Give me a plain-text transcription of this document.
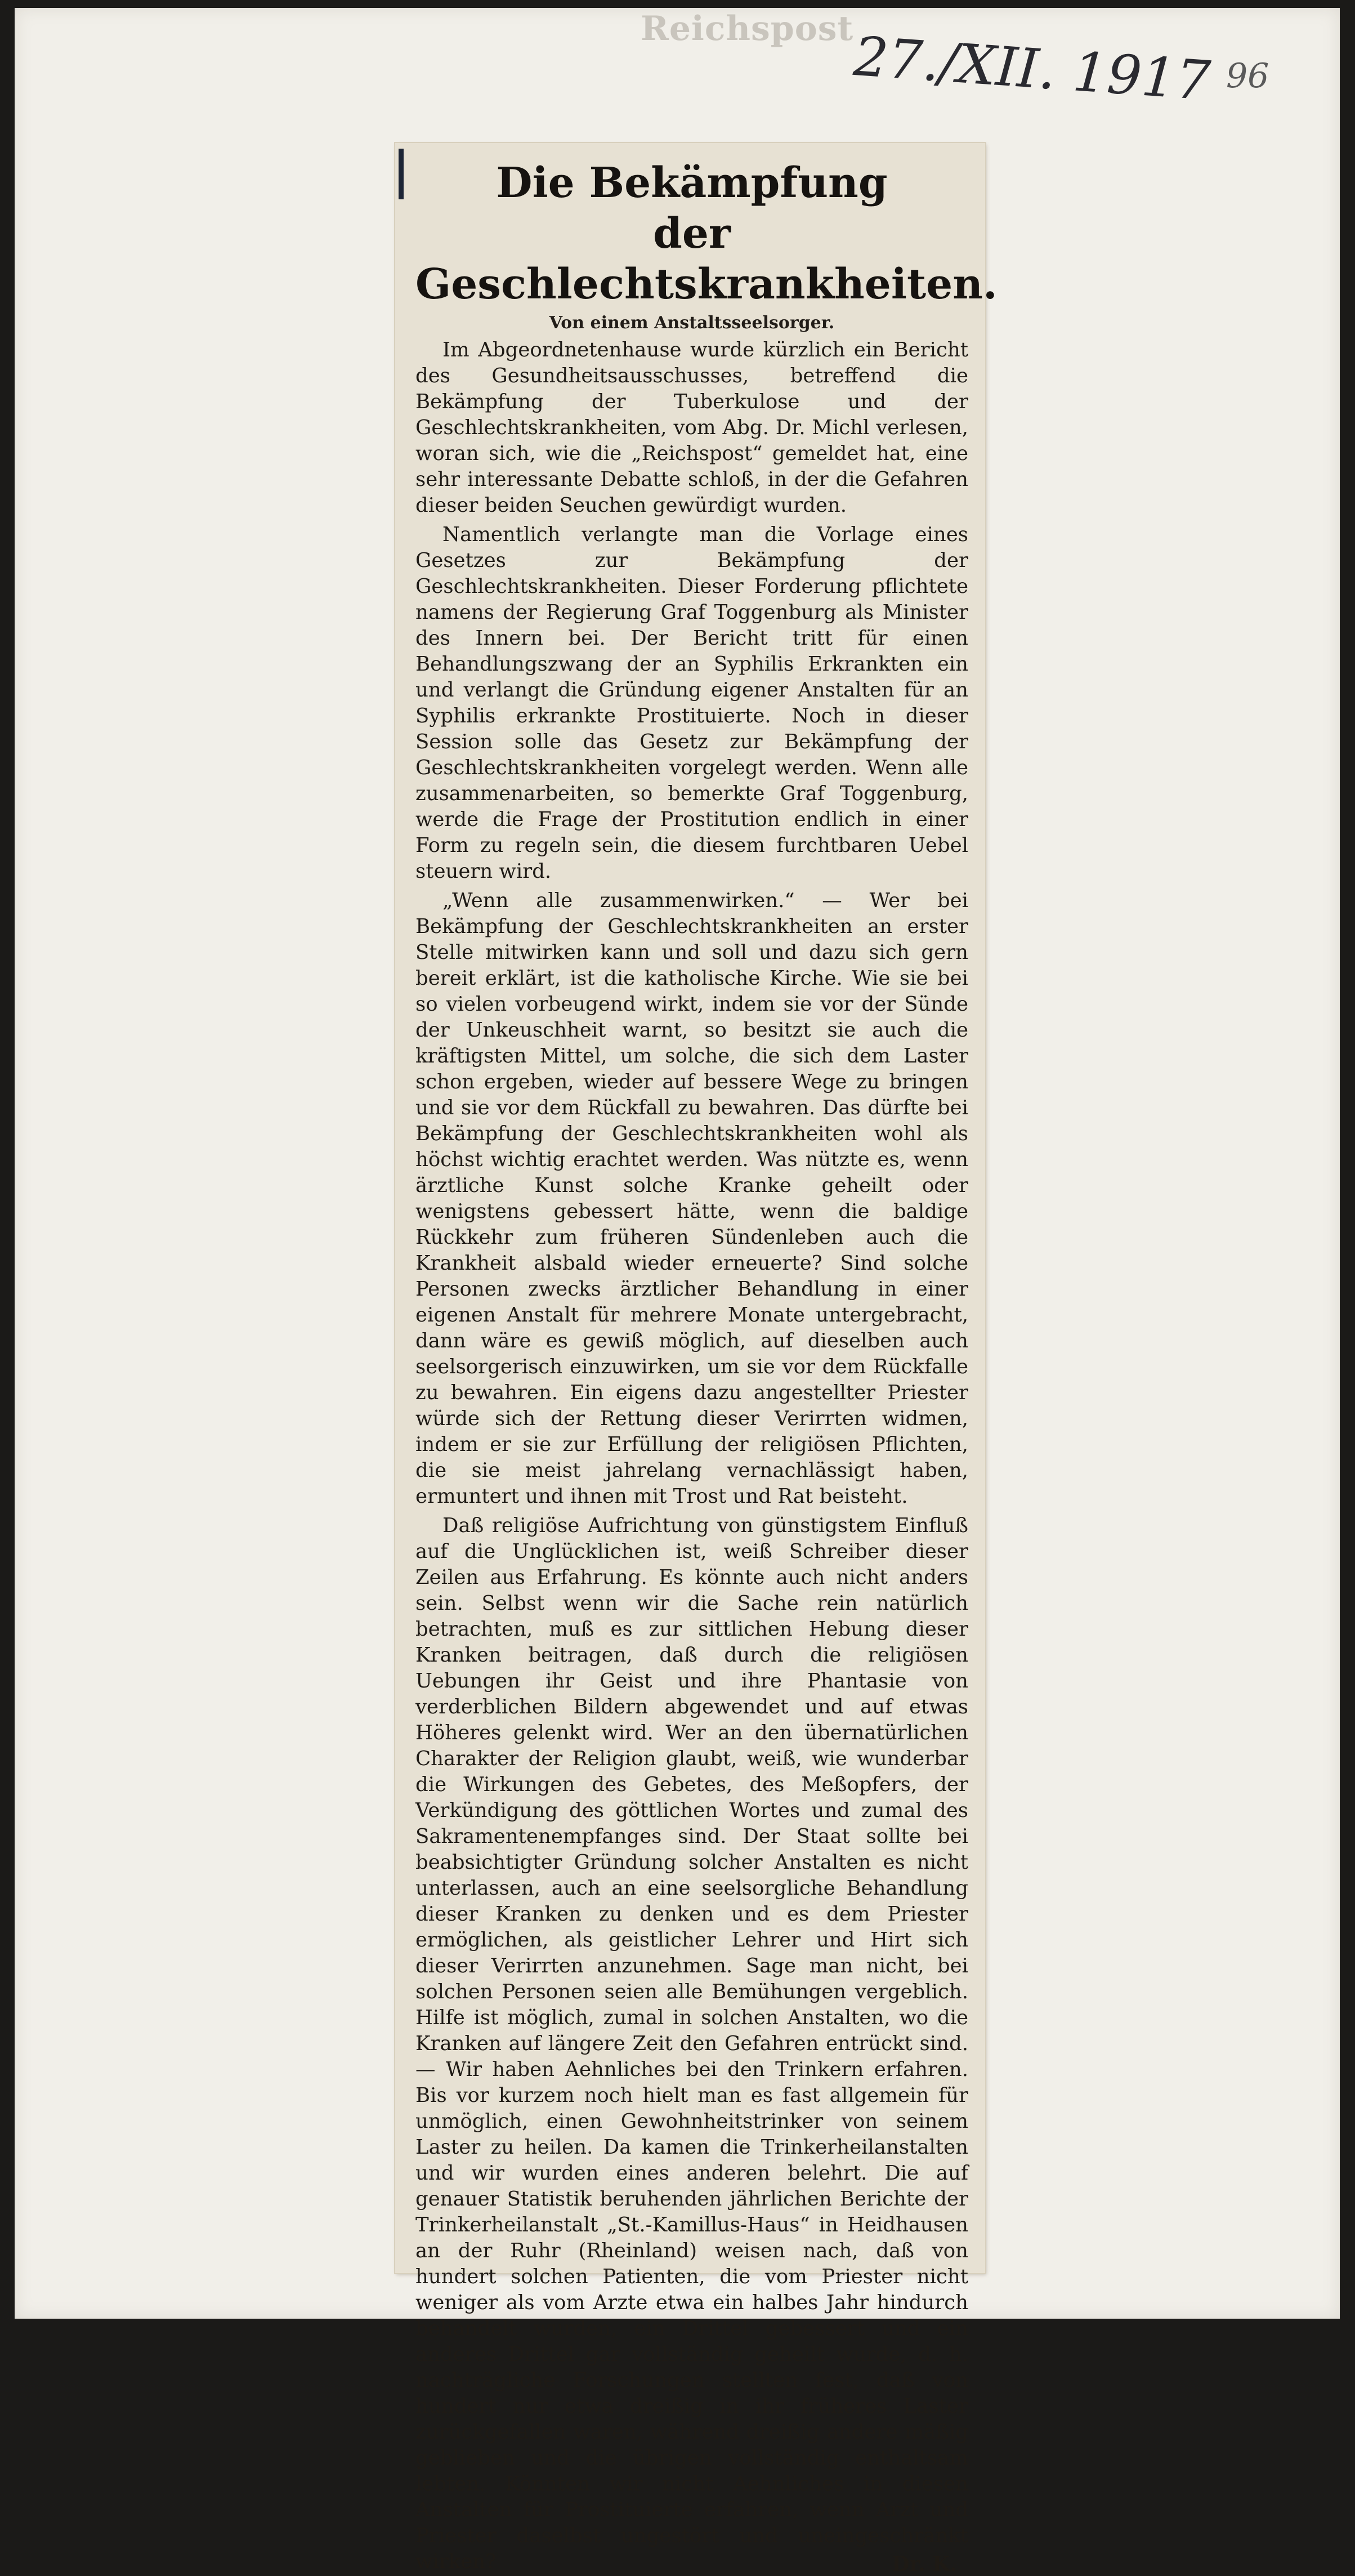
Reichspost
27./XII. 1917 96
Die Bekämpfung
der Geschlechtskrankheiten.
Von einem Anstaltsseelsorger.

Im Abgeordnetenhause wurde kürzlich ein Bericht des Gesundheitsausschusses, betreffend die Bekämpfung der Tuberkulose und der Geschlechtskrankheiten, vom Abg. Dr. Michl verlesen, woran sich, wie die „Reichspost“ gemeldet hat, eine sehr interessante Debatte schloß, in der die Gefahren dieser beiden Seuchen gewürdigt wurden.

Namentlich verlangte man die Vorlage eines Gesetzes zur Bekämpfung der Geschlechtskrankheiten. Dieser Forderung pflichtete namens der Regierung Graf Toggenburg als Minister des Innern bei. Der Bericht tritt für einen Behandlungszwang der an Syphilis Erkrankten ein und verlangt die Gründung eigener Anstalten für an Syphilis erkrankte Prostituierte. Noch in dieser Session solle das Gesetz zur Bekämpfung der Geschlechtskrankheiten vorgelegt werden. Wenn alle zusammenarbeiten, so bemerkte Graf Toggenburg, werde die Frage der Prostitution endlich in einer Form zu regeln sein, die diesem furchtbaren Uebel steuern wird.

„Wenn alle zusammenwirken.“ — Wer bei Bekämpfung der Geschlechtskrankheiten an erster Stelle mitwirken kann und soll und dazu sich gern bereit erklärt, ist die katholische Kirche. Wie sie bei so vielen vorbeugend wirkt, indem sie vor der Sünde der Unkeuschheit warnt, so besitzt sie auch die kräftigsten Mittel, um solche, die sich dem Laster schon ergeben, wieder auf bessere Wege zu bringen und sie vor dem Rückfall zu bewahren. Das dürfte bei Bekämpfung der Geschlechtskrankheiten wohl als höchst wichtig erachtet werden. Was nützte es, wenn ärztliche Kunst solche Kranke geheilt oder wenigstens gebessert hätte, wenn die baldige Rückkehr zum früheren Sündenleben auch die Krankheit alsbald wieder erneuerte? Sind solche Personen zwecks ärztlicher Behandlung in einer eigenen Anstalt für mehrere Monate untergebracht, dann wäre es gewiß möglich, auf dieselben auch seelsorgerisch einzuwirken, um sie vor dem Rückfalle zu bewahren. Ein eigens dazu angestellter Priester würde sich der Rettung dieser Verirrten widmen, indem er sie zur Erfüllung der religiösen Pflichten, die sie meist jahrelang vernachlässigt haben, ermuntert und ihnen mit Trost und Rat beisteht.

Daß religiöse Aufrichtung von günstigstem Einfluß auf die Unglücklichen ist, weiß Schreiber dieser Zeilen aus Erfahrung. Es könnte auch nicht anders sein. Selbst wenn wir die Sache rein natürlich betrachten, muß es zur sittlichen Hebung dieser Kranken beitragen, daß durch die religiösen Uebungen ihr Geist und ihre Phantasie von verderblichen Bildern abgewendet und auf etwas Höheres gelenkt wird. Wer an den übernatürlichen Charakter der Religion glaubt, weiß, wie wunderbar die Wirkungen des Gebetes, des Meßopfers, der Verkündigung des göttlichen Wortes und zumal des Sakramentenempfanges sind. Der Staat sollte bei beabsichtigter Gründung solcher Anstalten es nicht unterlassen, auch an eine seelsorgliche Behandlung dieser Kranken zu denken und es dem Priester ermöglichen, als geistlicher Lehrer und Hirt sich dieser Verirrten anzunehmen. Sage man nicht, bei solchen Personen seien alle Bemühungen vergeblich. Hilfe ist möglich, zumal in solchen Anstalten, wo die Kranken auf längere Zeit den Gefahren entrückt sind. — Wir haben Aehnliches bei den Trinkern erfahren. Bis vor kurzem noch hielt man es fast allgemein für unmöglich, einen Gewohnheitstrinker von seinem Laster zu heilen. Da kamen die Trinkerheilanstalten und wir wurden eines anderen belehrt. Die auf genauer Statistik beruhenden jährlichen Berichte der Trinkerheilanstalt „St.-Kamillus-Haus“ in Heidhausen an der Ruhr (Rheinland) weisen nach, daß von hundert solchen Patienten, die vom Priester nicht weniger als vom Arzte etwa ein halbes Jahr hindurch behandelt wurden, ein Drittel gebessert und ein anderes Drittel gar vollständig geheilt wurde, d. h. nachträgliche Forschungen stellten fest, daß von hundert nur etwa dreißig in ihr früheres Laster zurückgefallen waren, während dreißig andere mäßig geblieben und die übrigen vollständig enthaltsam lebten. Könnten wir nicht Aehnliches in diesen Anstalten für Prostituierte erfahren, wenn Arzt und Priester daselbst ungestört und uneingeschränkt wirken?	Dr. K.
